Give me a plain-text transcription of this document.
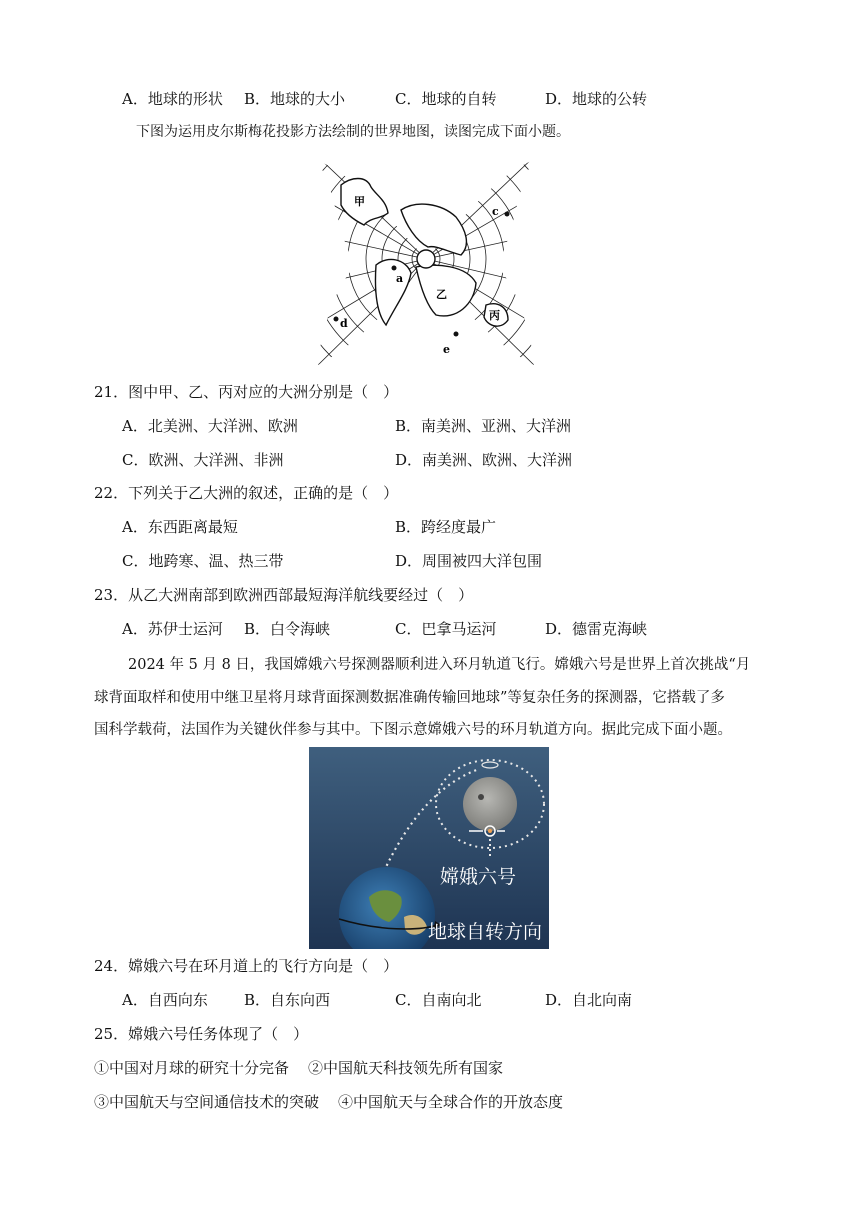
A．地球的形状 B．地球的大小	C．地球的自转	D．地球的公转
下图为运用皮尔斯梅花投影方法绘制的世界地图，读图完成下面小题。
甲
a
c
乙
丙
d
e
21．图中甲、乙、丙对应的大洲分别是（　）
A．北美洲、大洋洲、欧洲	B．南美洲、亚洲、大洋洲
C．欧洲、大洋洲、非洲	D．南美洲、欧洲、大洋洲
22．下列关于乙大洲的叙述，正确的是（　）
A．东西距离最短	B．跨经度最广
C．地跨寒、温、热三带	D．周围被四大洋包围
23．从乙大洲南部到欧洲西部最短海洋航线要经过（　）
A．苏伊士运河 B．白令海峡	C．巴拿马运河	D．德雷克海峡
2024 年 5 月 8 日，我国嫦娥六号探测器顺利进入环月轨道飞行。嫦娥六号是世界上首次挑战“月
球背面取样和使用中继卫星将月球背面探测数据准确传输回地球”等复杂任务的探测器，它搭载了多
国科学载荷，法国作为关键伙伴参与其中。下图示意嫦娥六号的环月轨道方向。据此完成下面小题。
嫦娥六号
地球自转方向
24．嫦娥六号在环月道上的飞行方向是（　）
A．自西向东 B．自东向西	C．自南向北	D．自北向南
25．嫦娥六号任务体现了（　）
①中国对月球的研究十分完备 ②中国航天科技领先所有国家
③中国航天与空间通信技术的突破 ④中国航天与全球合作的开放态度
